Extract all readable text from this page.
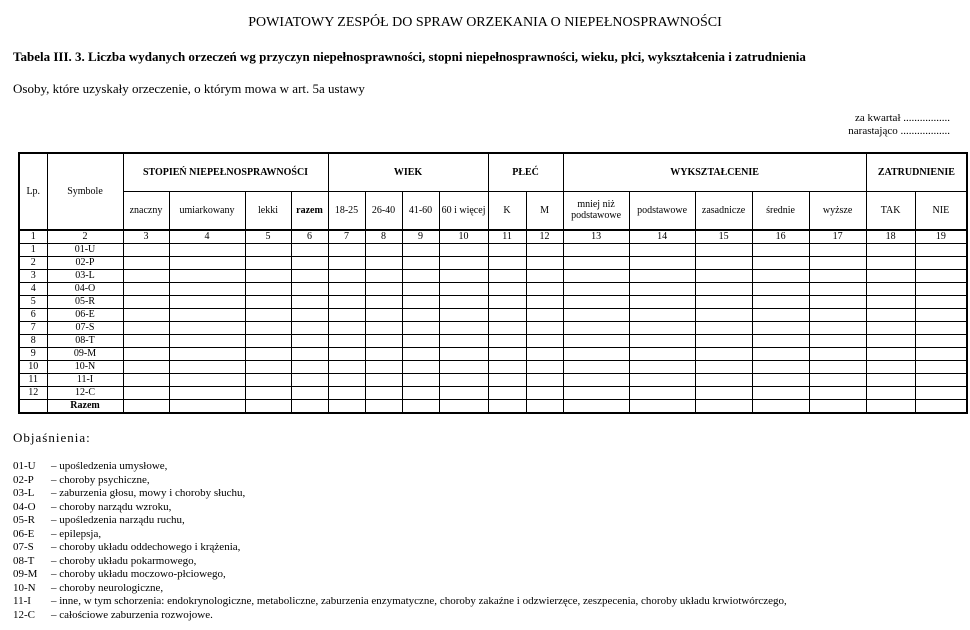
POWIATOWY ZESPÓŁ DO SPRAW ORZEKANIA O NIEPEŁNOSPRAWNOŚCI
Tabela III. 3. Liczba wydanych orzeczeń wg przyczyn niepełnosprawności, stopni niepełnosprawności, wieku, płci, wykształcenia i zatrudnienia
Osoby, które uzyskały orzeczenie, o którym mowa w art. 5a ustawy
za kwartał .................
narastająco ..................
Lp.	Symbole	STOPIEŃ NIEPEŁNOSPRAWNOŚCI				WIEK				PŁEĆ		WYKSZTAŁCENIE					ZATRUDNIENIE	
		znaczny	umiarkowany	lekki	razem	18-25	26-40	41-60	60 i więcej	K	M	mniej niż podstawowe	podstawowe	zasadnicze	średnie	wyższe	TAK	NIE
1	2	3	4	5	6	7	8	9	10	11	12	13	14	15	16	17	18	19
1	01-U																	
2	02-P																	
3	03-L																	
4	04-O																	
5	05-R																	
6	06-E																	
7	07-S																	
8	08-T																	
9	09-M																	
10	10-N																	
11	11-I																	
12	12-C																	
	Razem																	
Objaśnienia:
01-U – upośledzenia umysłowe,
02-P – choroby psychiczne,
03-L – zaburzenia głosu, mowy i choroby słuchu,
04-O – choroby narządu wzroku,
05-R – upośledzenia narządu ruchu,
06-E – epilepsja,
07-S – choroby układu oddechowego i krążenia,
08-T – choroby układu pokarmowego,
09-M – choroby układu moczowo-płciowego,
10-N – choroby neurologiczne,
11-I – inne, w tym schorzenia: endokrynologiczne, metaboliczne, zaburzenia enzymatyczne, choroby zakaźne i odzwierzęce, zeszpecenia, choroby układu krwiotwórczego,
12-C – całościowe zaburzenia rozwojowe.
